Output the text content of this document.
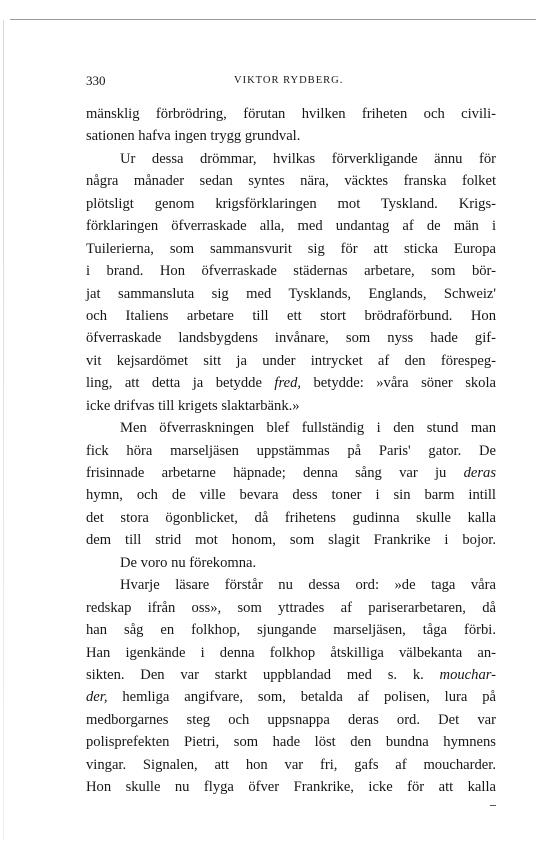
330	VIKTOR RYDBERG.
mänsklig förbrödring, förutan hvilken friheten och civili-
sationen hafva ingen trygg grundval.
Ur dessa drömmar, hvilkas förverkligande ännu för
några månader sedan syntes nära, väcktes franska folket
plötsligt genom krigsförklaringen mot Tyskland. Krigs-
förklaringen öfverraskade alla, med undantag af de män i
Tuilerierna, som sammansvurit sig för att sticka Europa
i brand. Hon öfverraskade städernas arbetare, som bör-
jat sammansluta sig med Tysklands, Englands, Schweiz'
och Italiens arbetare till ett stort brödraförbund. Hon
öfverraskade landsbygdens invånare, som nyss hade gif-
vit kejsardömet sitt ja under intrycket af den förespeg-
ling, att detta ja betydde fred, betydde: »våra söner skola
icke drifvas till krigets slaktarbänk.»
Men öfverraskningen blef fullständig i den stund man
fick höra marseljäsen uppstämmas på Paris' gator. De
frisinnade arbetarne häpnade; denna sång var ju deras
hymn, och de ville bevara dess toner i sin barm intill
det stora ögonblicket, då frihetens gudinna skulle kalla
dem till strid mot honom, som slagit Frankrike i bojor.
De voro nu förekomna.
Hvarje läsare förstår nu dessa ord: »de taga våra
redskap ifrån oss», som yttrades af pariserarbetaren, då
han såg en folkhop, sjungande marseljäsen, tåga förbi.
Han igenkände i denna folkhop åtskilliga välbekanta an-
sikten. Den var starkt uppblandad med s. k. mouchar-
der, hemliga angifvare, som, betalda af polisen, lura på
medborgarnes steg och uppsnappa deras ord. Det var
polisprefekten Pietri, som hade löst den bundna hymnens
vingar. Signalen, att hon var fri, gafs af moucharder.
Hon skulle nu flyga öfver Frankrike, icke för att kalla
